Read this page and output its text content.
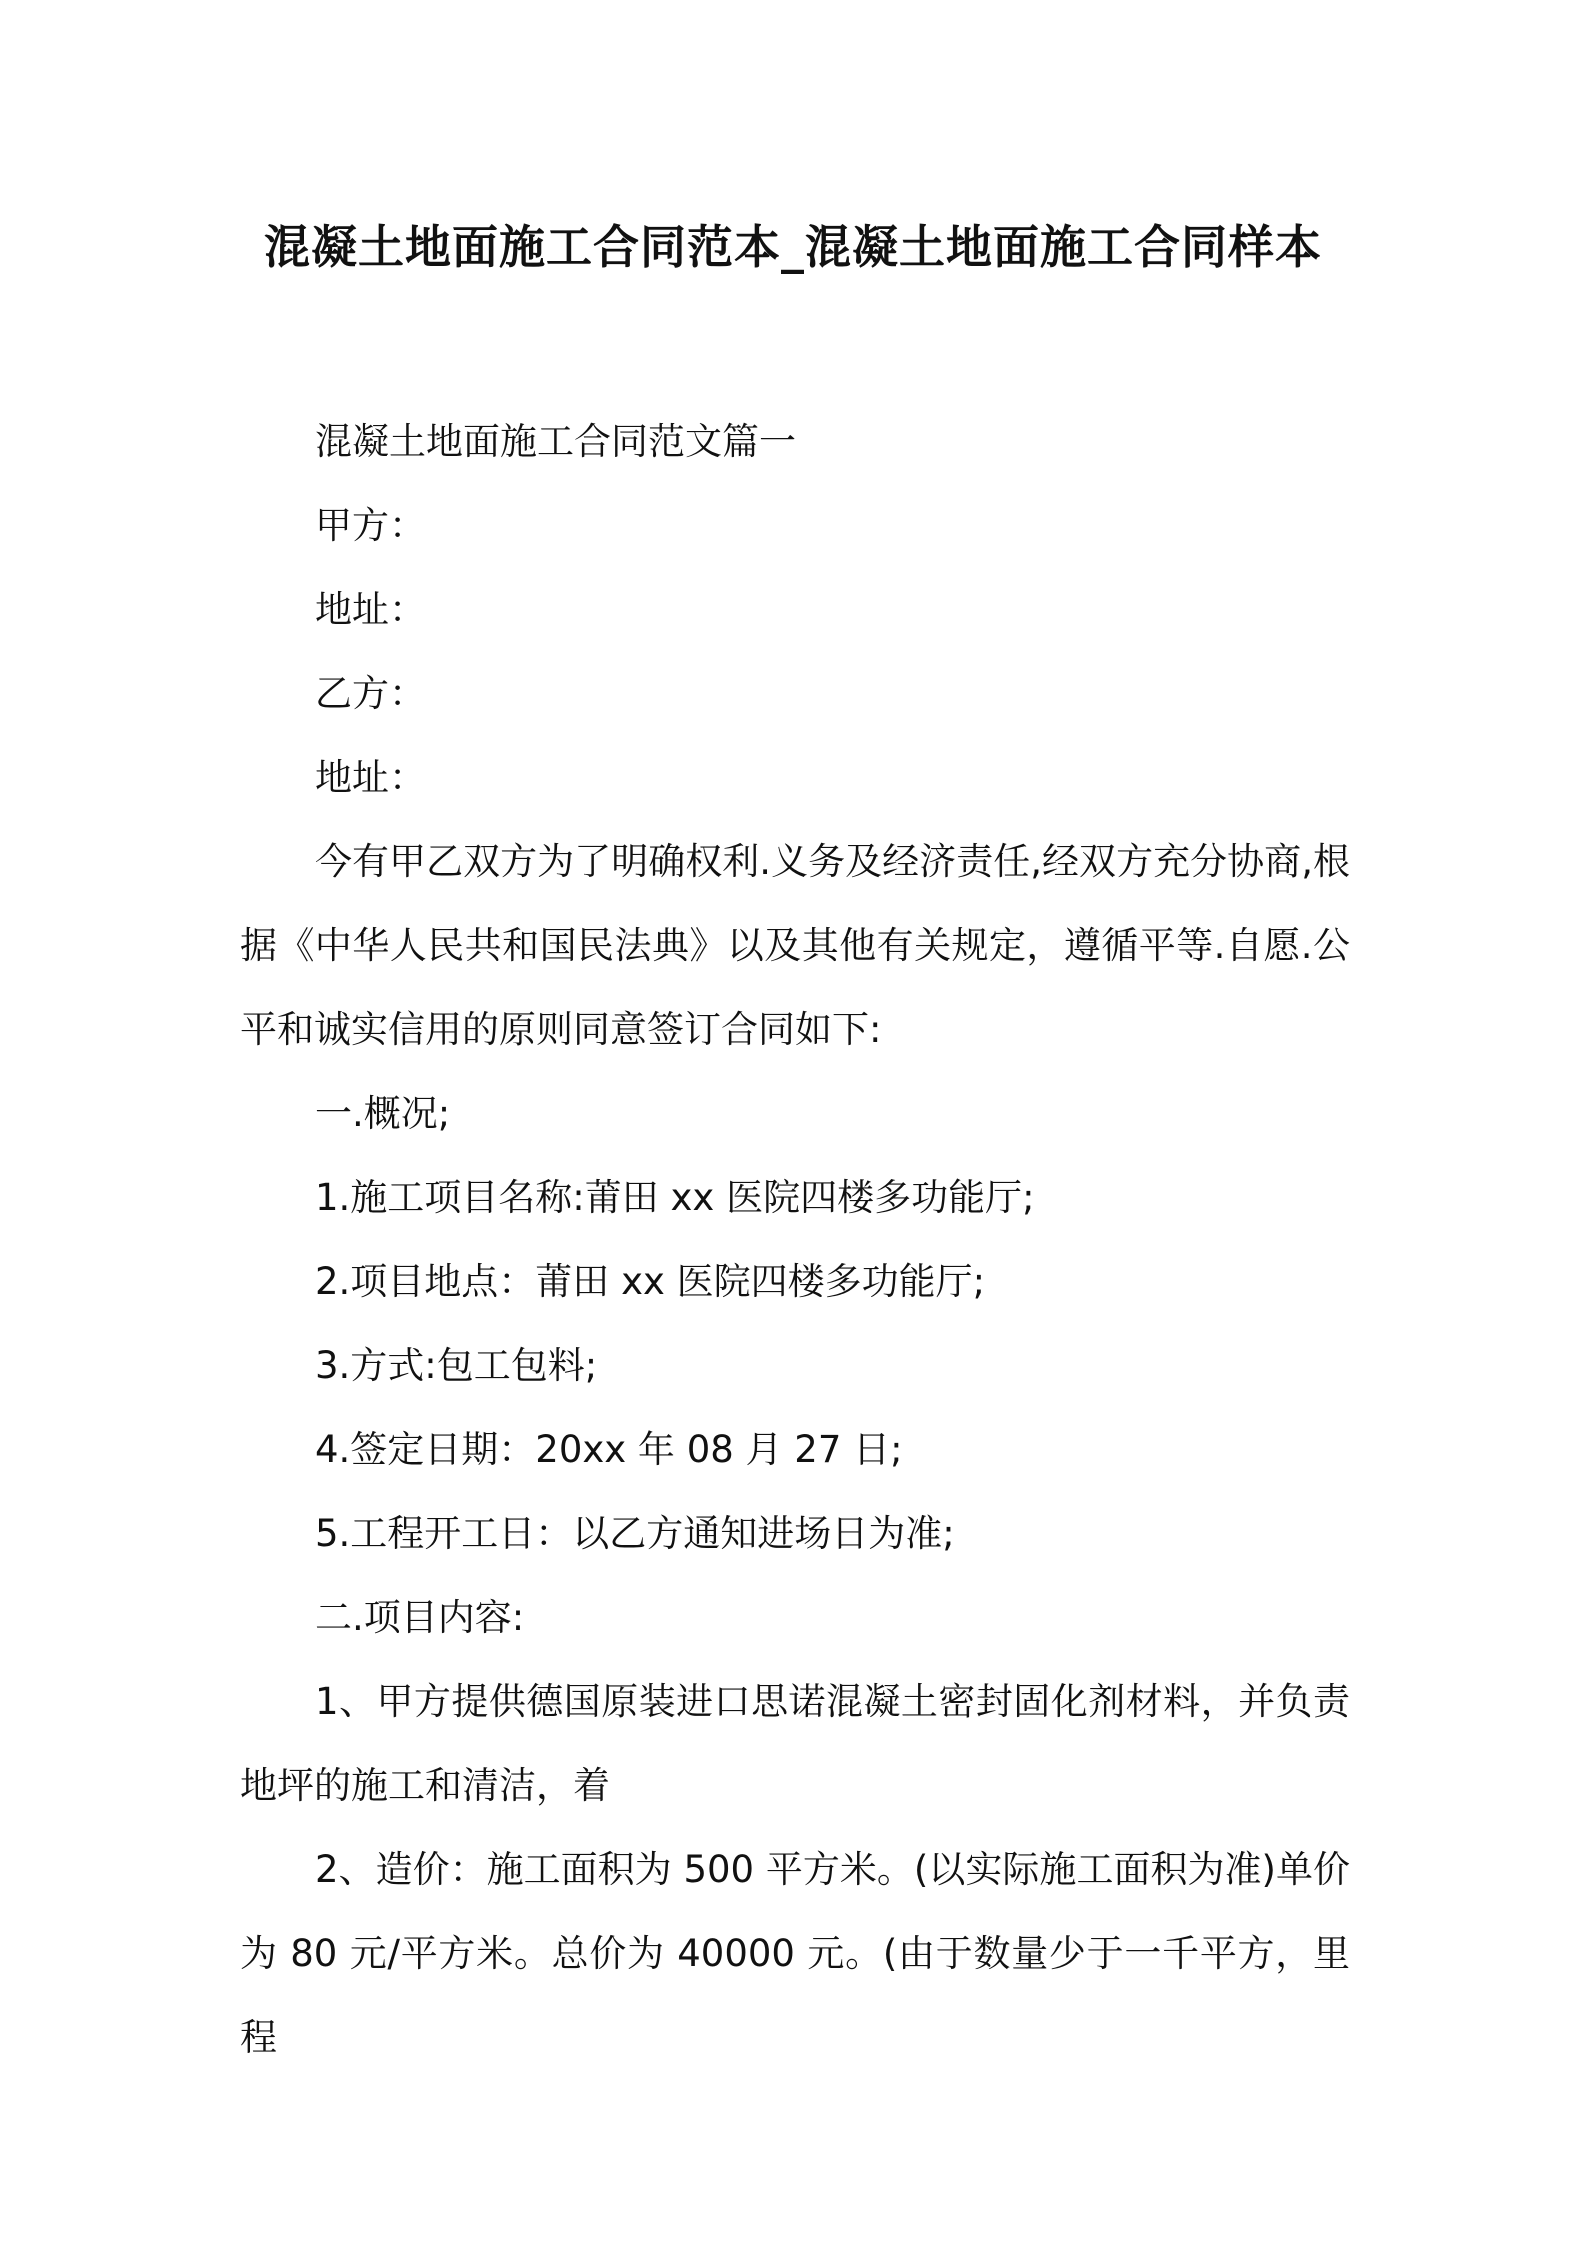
混凝土地面施工合同范本_混凝土地面施工合同样本

混凝土地面施工合同范文篇一

甲方：

地址：

乙方：

地址：

今有甲乙双方为了明确权利.义务及经济责任,经双方充分协商,根据《中华人民共和国民法典》以及其他有关规定，遵循平等.自愿.公平和诚实信用的原则同意签订合同如下:

一.概况;

1.施工项目名称:莆田 xx 医院四楼多功能厅;

2.项目地点：莆田 xx 医院四楼多功能厅;

3.方式:包工包料;

4.签定日期：20xx 年 08 月 27 日;

5.工程开工日：以乙方通知进场日为准;

二.项目内容:

1、甲方提供德国原装进口思诺混凝土密封固化剂材料，并负责地坪的施工和清洁，着

2、造价：施工面积为 500 平方米。(以实际施工面积为准)单价为 80 元/平方米。总价为 40000 元。(由于数量少于一千平方，里程
